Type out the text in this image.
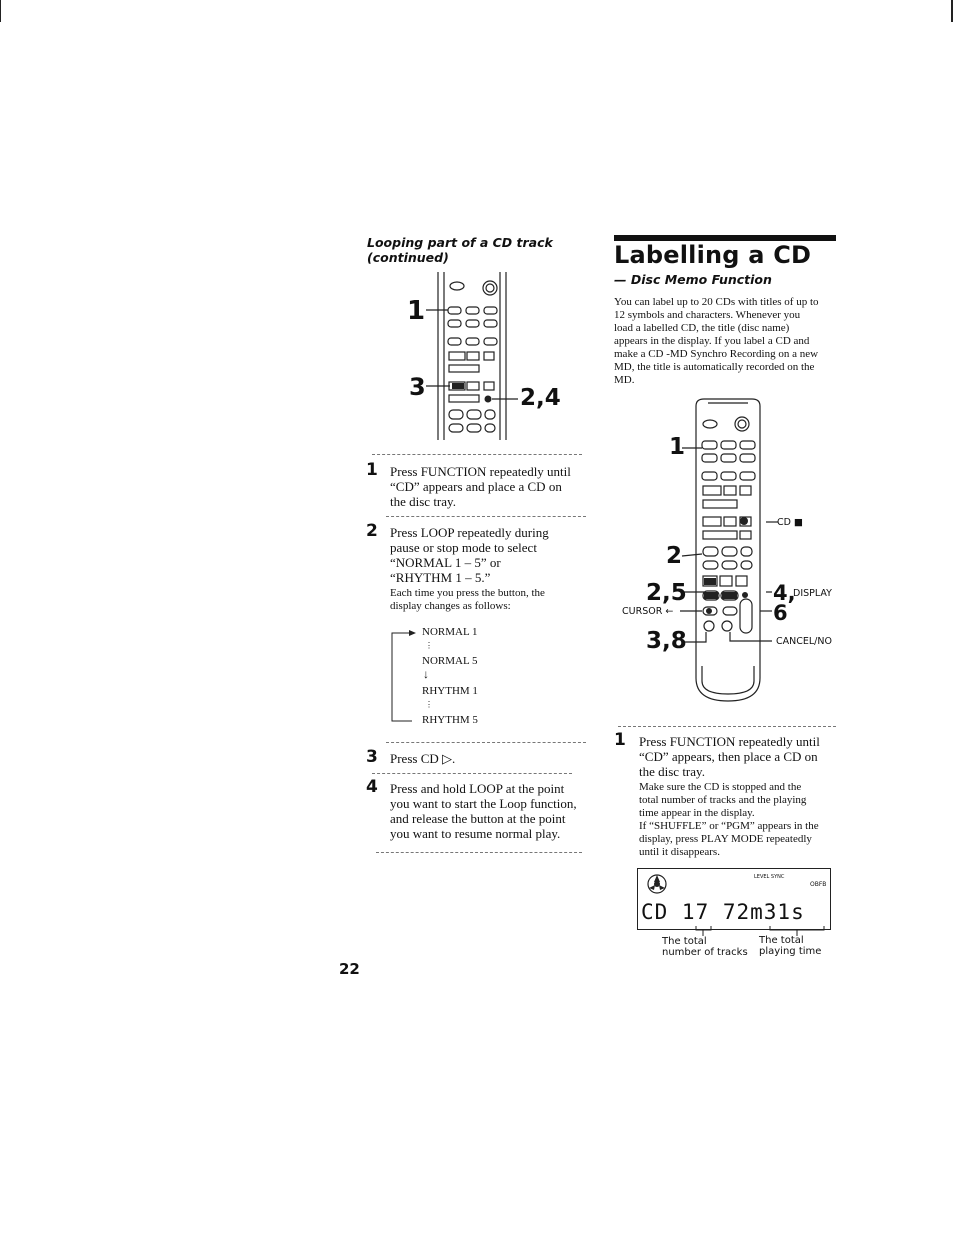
Looping part of a CD track
(continued)
1
3	2,4
1 Press FUNCTION repeatedly until
“CD” appears and place a CD on
the disc tray.
2 Press LOOP repeatedly during
pause or stop mode to select
“NORMAL 1 – 5” or
“RHYTHM 1 – 5.”
Each time you press the button, the
display changes as follows:
NORMAL 1
⋮
NORMAL 5
↓
RHYTHM 1
⋮
RHYTHM 5
3 Press CD ▷.
4 Press and hold LOOP at the point
you want to start the Loop function,
and release the button at the point
you want to resume normal play.
22
Labelling a CD
— Disc Memo Function
You can label up to 20 CDs with titles of up to
12 symbols and characters. Whenever you
load a labelled CD, the title (disc name)
appears in the display. If you label a CD and
make a CD -MD Synchro Recording on a new
MD, the title is automatically recorded on the
MD.
1
2
2,5
3,8
4,
6
CD ■
DISPLAY
CURSOR ←
CANCEL/NO
1 Press FUNCTION repeatedly until
“CD” appears, then place a CD on
the disc tray.
Make sure the CD is stopped and the
total number of tracks and the playing
time appear in the display.
If “SHUFFLE” or “PGM” appears in the
display, press PLAY MODE repeatedly
until it disappears.
LEVEL SYNC
OBFB
CD 17 72m31s
The total
number of tracks
The total
playing time
